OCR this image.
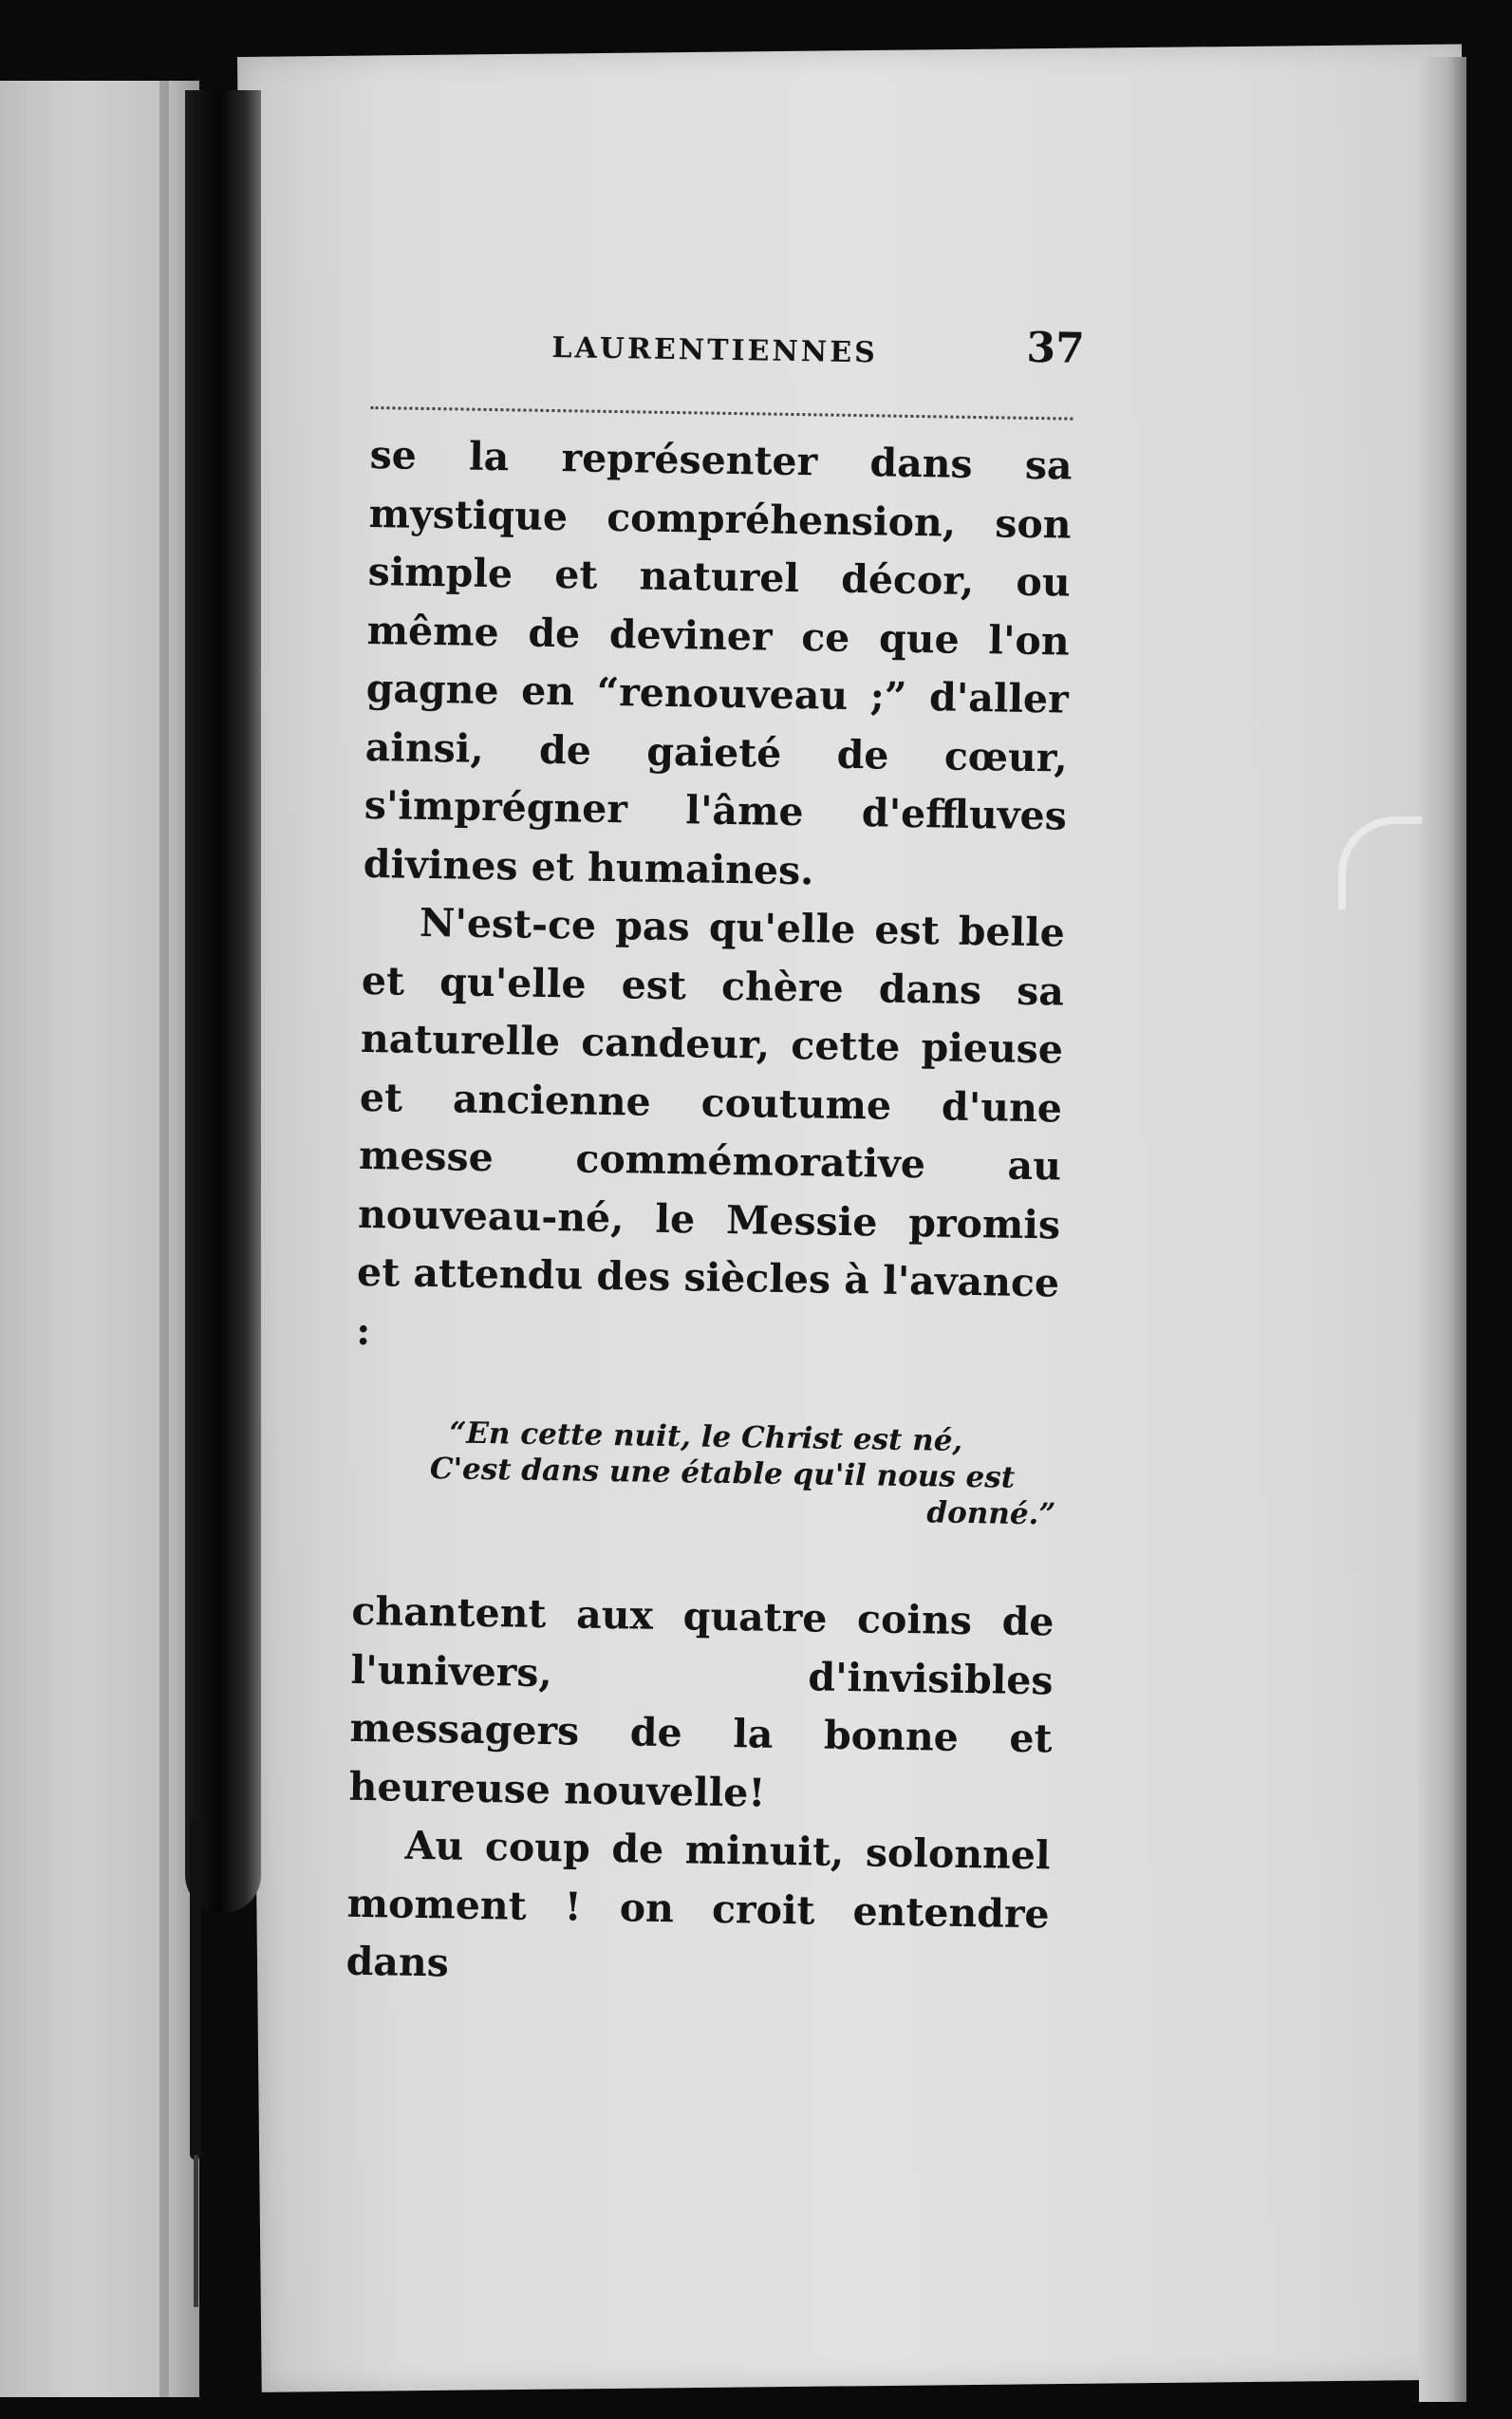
LAURENTIENNES	37

se la représenter dans sa mystique compréhension, son simple et naturel décor, ou même de deviner ce que l'on gagne en “renouveau ;” d'aller ainsi, de gaieté de cœur, s'imprégner l'âme d'effluves divines et humaines.

N'est-ce pas qu'elle est belle et qu'elle est chère dans sa naturelle candeur, cette pieuse et ancienne coutume d'une messe commémorative au nouveau-né, le Messie promis et attendu des siècles à l'avance :

“En cette nuit, le Christ est né,
C'est dans une étable qu'il nous est
donné.”

chantent aux quatre coins de l'univers, d'invisibles messagers de la bonne et heureuse nouvelle!

Au coup de minuit, solonnel moment ! on croit entendre dans
